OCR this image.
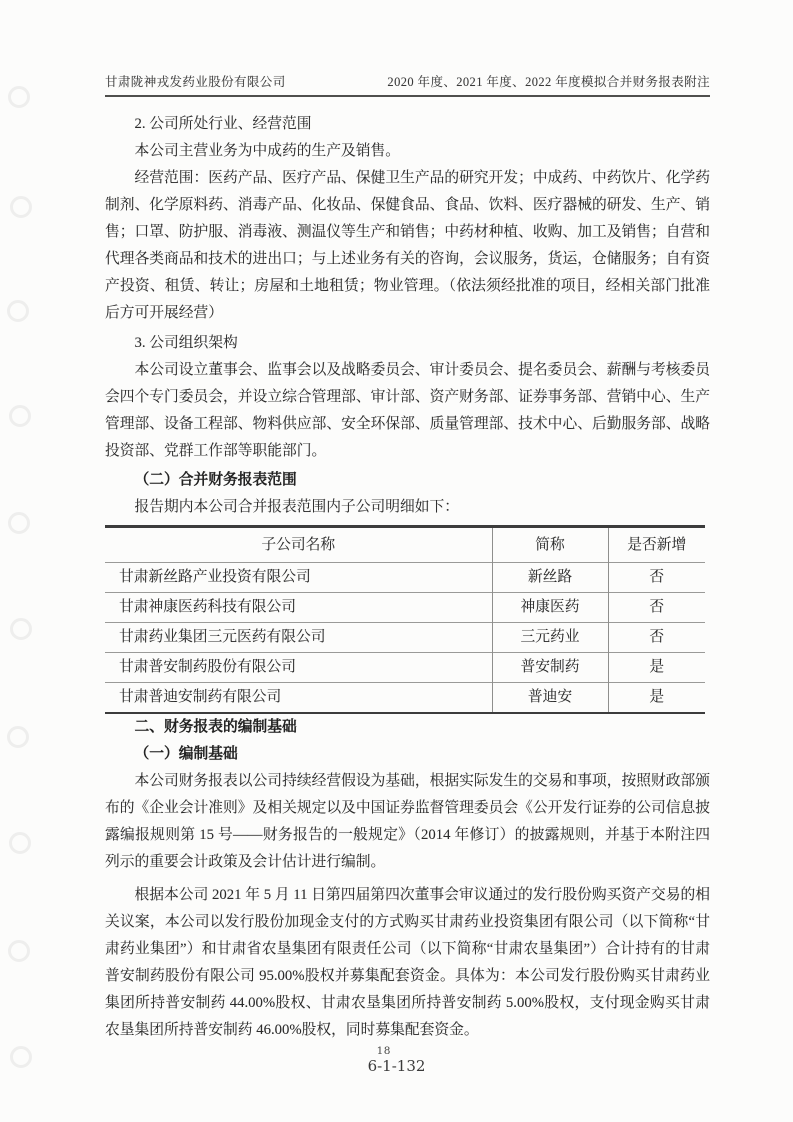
甘肃陇神戎发药业股份有限公司	2020 年度、2021 年度、2022 年度模拟合并财务报表附注

2. 公司所处行业、经营范围

本公司主营业务为中成药的生产及销售。

经营范围：医药产品、医疗产品、保健卫生产品的研究开发；中成药、中药饮片、化学药制剂、化学原料药、消毒产品、化妆品、保健食品、食品、饮料、医疗器械的研发、生产、销售；口罩、防护服、消毒液、测温仪等生产和销售；中药材种植、收购、加工及销售；自营和代理各类商品和技术的进出口；与上述业务有关的咨询，会议服务，货运，仓储服务；自有资产投资、租赁、转让；房屋和土地租赁；物业管理。（依法须经批准的项目，经相关部门批准后方可开展经营）

3. 公司组织架构

本公司设立董事会、监事会以及战略委员会、审计委员会、提名委员会、薪酬与考核委员会四个专门委员会，并设立综合管理部、审计部、资产财务部、证券事务部、营销中心、生产管理部、设备工程部、物料供应部、安全环保部、质量管理部、技术中心、后勤服务部、战略投资部、党群工作部等职能部门。

（二）合并财务报表范围

报告期内本公司合并报表范围内子公司明细如下：

子公司名称	简称	是否新增
甘肃新丝路产业投资有限公司	新丝路	否
甘肃神康医药科技有限公司	神康医药	否
甘肃药业集团三元医药有限公司	三元药业	否
甘肃普安制药股份有限公司	普安制药	是
甘肃普迪安制药有限公司	普迪安	是

二、财务报表的编制基础

（一）编制基础

本公司财务报表以公司持续经营假设为基础，根据实际发生的交易和事项，按照财政部颁布的《企业会计准则》及相关规定以及中国证券监督管理委员会《公开发行证券的公司信息披露编报规则第 15 号——财务报告的一般规定》（2014 年修订）的披露规则，并基于本附注四列示的重要会计政策及会计估计进行编制。

根据本公司 2021 年 5 月 11 日第四届第四次董事会审议通过的发行股份购买资产交易的相关议案，本公司以发行股份加现金支付的方式购买甘肃药业投资集团有限公司（以下简称“甘肃药业集团”）和甘肃省农垦集团有限责任公司（以下简称“甘肃农垦集团”）合计持有的甘肃普安制药股份有限公司 95.00%股权并募集配套资金。具体为：本公司发行股份购买甘肃药业集团所持普安制药 44.00%股权、甘肃农垦集团所持普安制药 5.00%股权，支付现金购买甘肃农垦集团所持普安制药 46.00%股权，同时募集配套资金。

6-1-132
18
